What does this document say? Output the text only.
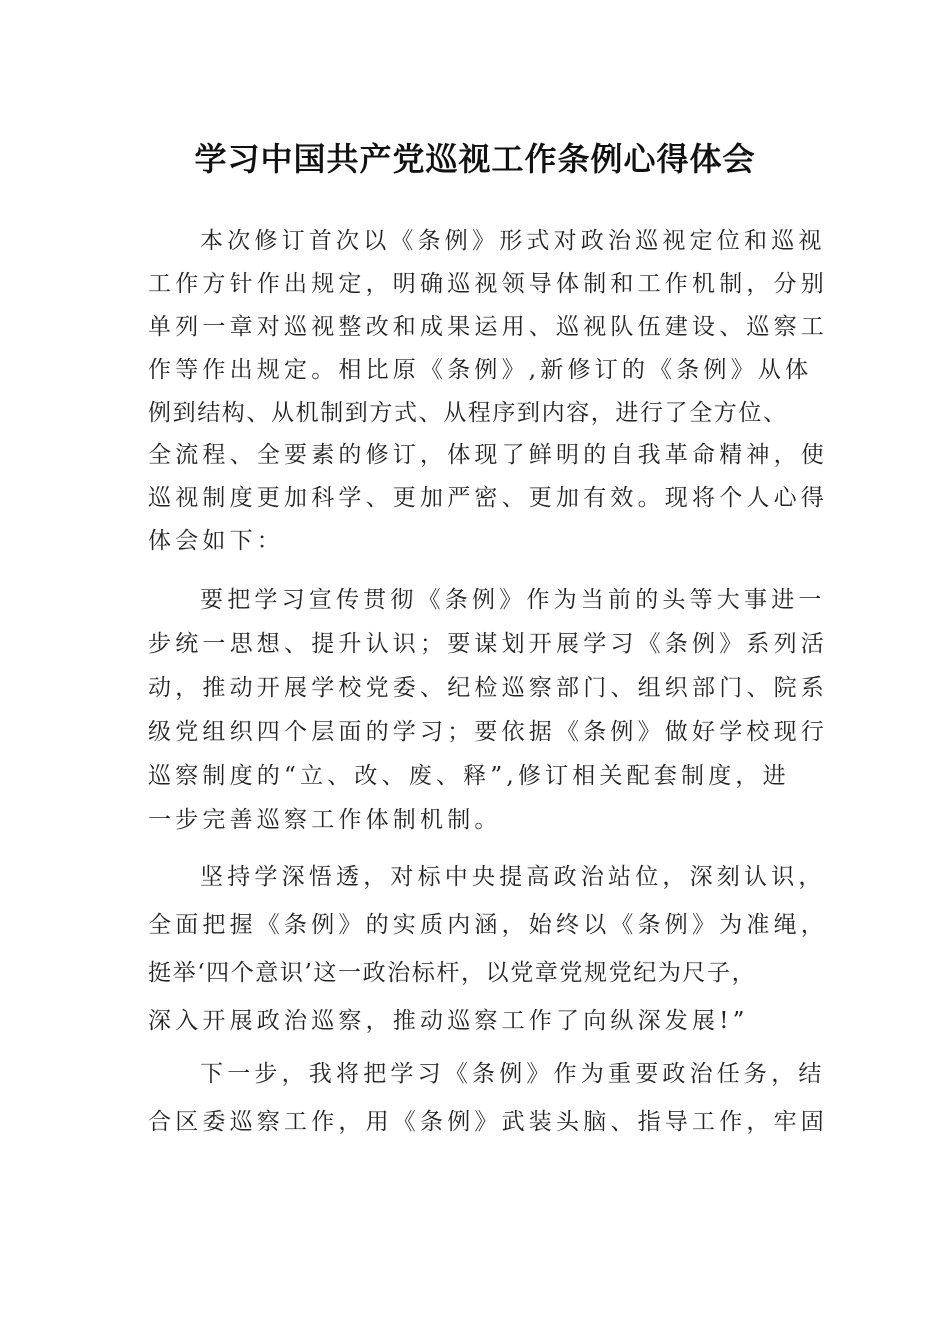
学习中国共产党巡视工作条例心得体会

本次修订首次以《条例》形式对政治巡视定位和巡视
工作方针作出规定，明确巡视领导体制和工作机制，分别
单列一章对巡视整改和成果运用、巡视队伍建设、巡察工
作等作出规定。相比原《条例》,新修订的《条例》从体
例到结构、从机制到方式、从程序到内容，进行了全方位、
全流程、全要素的修订，体现了鲜明的自我革命精神，使
巡视制度更加科学、更加严密、更加有效。现将个人心得
体会如下：

要把学习宣传贯彻《条例》作为当前的头等大事进一
步统一思想、提升认识；要谋划开展学习《条例》系列活
动，推动开展学校党委、纪检巡察部门、组织部门、院系
级党组织四个层面的学习；要依据《条例》做好学校现行
巡察制度的“立、改、废、释”,修订相关配套制度，进
一步完善巡察工作体制机制。

坚持学深悟透，对标中央提高政治站位，深刻认识，
全面把握《条例》的实质内涵，始终以《条例》为准绳，
挺举‘四个意识’这一政治标杆，以党章党规党纪为尺子，
深入开展政治巡察，推动巡察工作了向纵深发展!”

下一步，我将把学习《条例》作为重要政治任务，结
合区委巡察工作，用《条例》武装头脑、指导工作，牢固
